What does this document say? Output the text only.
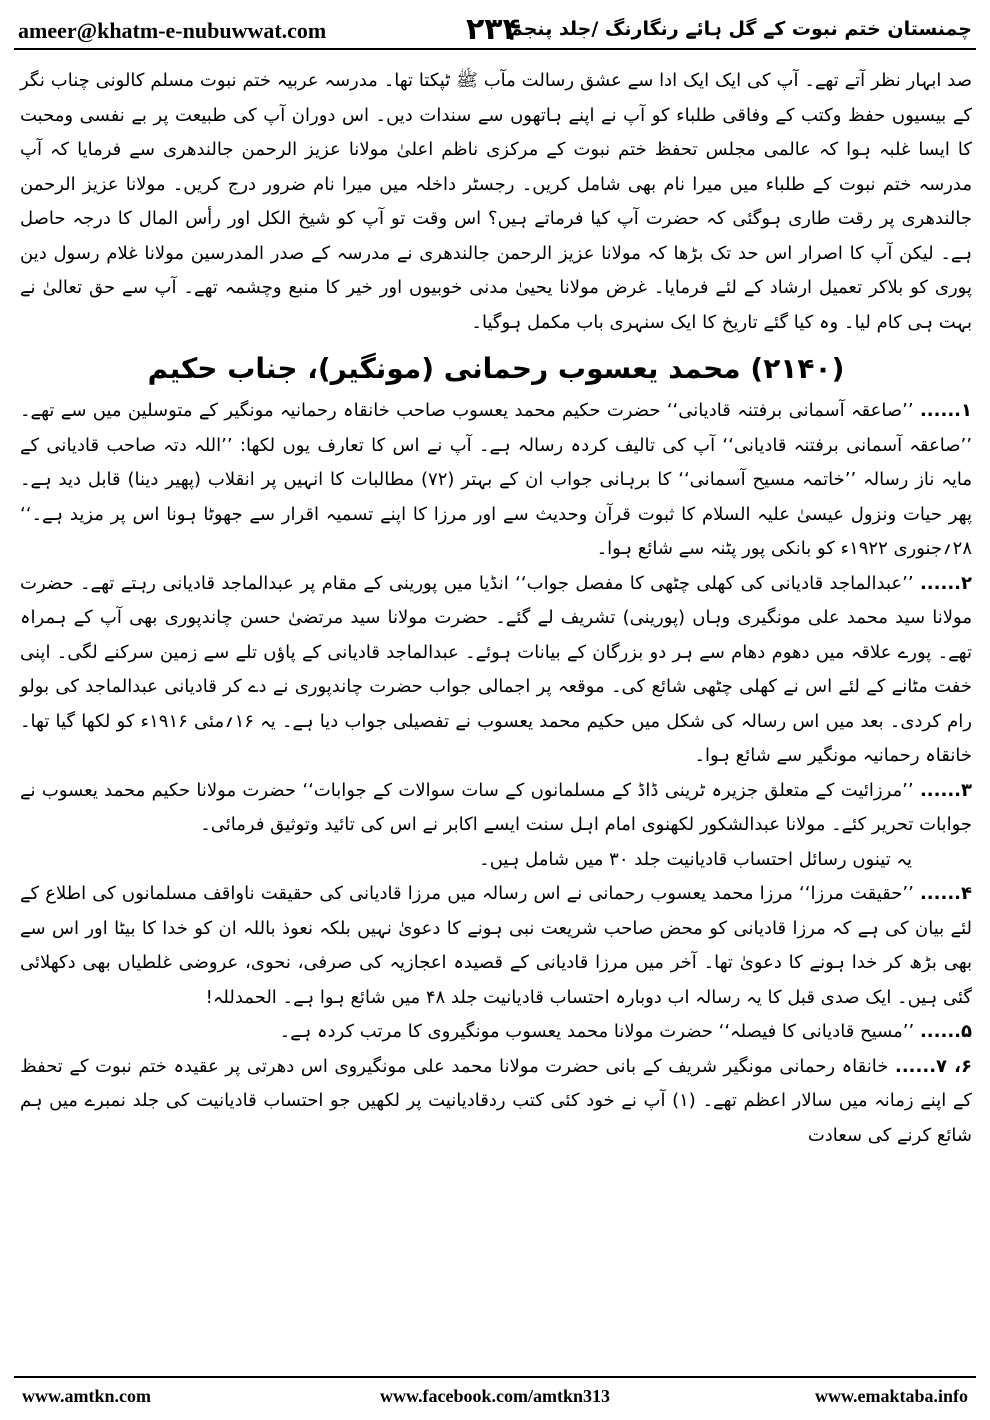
ameer@khatm-e-nubuwwat.com	۲۳۴
چمنستان ختم نبوت کے گل ہائے رنگارنگ /جلد پنجم

صد ابہار نظر آتے تھے۔ آپ کی ایک ایک ادا سے عشق رسالت مآب ﷺ ٹپکتا تھا۔ مدرسہ عربیہ ختم نبوت مسلم کالونی چناب نگر کے بیسیوں حفظ وکتب کے وفاقی طلباء کو آپ نے اپنے ہاتھوں سے سندات دیں۔ اس دوران آپ کی طبیعت پر بے نفسی ومحبت کا ایسا غلبہ ہوا کہ عالمی مجلس تحفظ ختم نبوت کے مرکزی ناظم اعلیٰ مولانا عزیز الرحمن جالندھری سے فرمایا کہ آپ مدرسہ ختم نبوت کے طلباء میں میرا نام بھی شامل کریں۔ رجسٹر داخلہ میں میرا نام ضرور درج کریں۔ مولانا عزیز الرحمن جالندھری پر رقت طاری ہوگئی کہ حضرت آپ کیا فرماتے ہیں؟ اس وقت تو آپ کو شیخ الکل اور رأس المال کا درجہ حاصل ہے۔ لیکن آپ کا اصرار اس حد تک بڑھا کہ مولانا عزیز الرحمن جالندھری نے مدرسہ کے صدر المدرسین مولانا غلام رسول دین پوری کو بلاکر تعمیل ارشاد کے لئے فرمایا۔ غرض مولانا یحییٰ مدنی خوبیوں اور خیر کا منبع وچشمہ تھے۔ آپ سے حق تعالیٰ نے بہت ہی کام لیا۔ وہ کیا گئے تاریخ کا ایک سنہری باب مکمل ہوگیا۔

(۲۱۴۰) محمد یعسوب رحمانی (مونگیر)، جناب حکیم

۱...... ’’صاعقہ آسمانی برفتنہ قادیانی‘‘ حضرت حکیم محمد یعسوب صاحب خانقاہ رحمانیہ مونگیر کے متوسلین میں سے تھے۔ ’’صاعقہ آسمانی برفتنہ قادیانی‘‘ آپ کی تالیف کردہ رسالہ ہے۔ آپ نے اس کا تعارف یوں لکھا: ’’اللہ دتہ صاحب قادیانی کے مایہ ناز رسالہ ’’خاتمہ مسیح آسمانی‘‘ کا برہانی جواب ان کے بہتر (۷۲) مطالبات کا انہیں پر انقلاب (پھیر دینا) قابل دید ہے۔ پھر حیات ونزول عیسیٰ علیہ السلام کا ثبوت قرآن وحدیث سے اور مرزا کا اپنے تسمیہ اقرار سے جھوٹا ہونا اس پر مزید ہے۔‘‘ ۲۸؍جنوری ۱۹۲۲ء کو بانکی پور پٹنہ سے شائع ہوا۔

۲...... ’’عبدالماجد قادیانی کی کھلی چٹھی کا مفصل جواب‘‘ انڈیا میں پورینی کے مقام پر عبدالماجد قادیانی رہتے تھے۔ حضرت مولانا سید محمد علی مونگیری وہاں (پورینی) تشریف لے گئے۔ حضرت مولانا سید مرتضیٰ حسن چاندپوری بھی آپ کے ہمراہ تھے۔ پورے علاقہ میں دھوم دھام سے ہر دو بزرگان کے بیانات ہوئے۔ عبدالماجد قادیانی کے پاؤں تلے سے زمین سرکنے لگی۔ اپنی خفت مٹانے کے لئے اس نے کھلی چٹھی شائع کی۔ موقعہ پر اجمالی جواب حضرت چاندپوری نے دے کر قادیانی عبدالماجد کی بولو رام کردی۔ بعد میں اس رسالہ کی شکل میں حکیم محمد یعسوب نے تفصیلی جواب دیا ہے۔ یہ ۱۶؍مئی ۱۹۱۶ء کو لکھا گیا تھا۔ خانقاہ رحمانیہ مونگیر سے شائع ہوا۔

۳...... ’’مرزائیت کے متعلق جزیرہ ٹرینی ڈاڈ کے مسلمانوں کے سات سوالات کے جوابات‘‘ حضرت مولانا حکیم محمد یعسوب نے جوابات تحریر کئے۔ مولانا عبدالشکور لکھنوی امام اہل سنت ایسے اکابر نے اس کی تائید وتوثیق فرمائی۔

یہ تینوں رسائل احتساب قادیانیت جلد ۳۰ میں شامل ہیں۔

۴...... ’’حقیقت مرزا‘‘ مرزا محمد یعسوب رحمانی نے اس رسالہ میں مرزا قادیانی کی حقیقت ناواقف مسلمانوں کی اطلاع کے لئے بیان کی ہے کہ مرزا قادیانی کو محض صاحب شریعت نبی ہونے کا دعویٰ نہیں بلکہ نعوذ باللہ ان کو خدا کا بیٹا اور اس سے بھی بڑھ کر خدا ہونے کا دعویٰ تھا۔ آخر میں مرزا قادیانی کے قصیدہ اعجازیہ کی صرفی، نحوی، عروضی غلطیاں بھی دکھلائی گئی ہیں۔ ایک صدی قبل کا یہ رسالہ اب دوبارہ احتساب قادیانیت جلد ۴۸ میں شائع ہوا ہے۔ الحمدللہ!

۵...... ’’مسیح قادیانی کا فیصلہ‘‘ حضرت مولانا محمد یعسوب مونگیروی کا مرتب کردہ ہے۔

۶، ۷...... خانقاہ رحمانی مونگیر شریف کے بانی حضرت مولانا محمد علی مونگیروی اس دھرتی پر عقیدہ ختم نبوت کے تحفظ کے اپنے زمانہ میں سالار اعظم تھے۔ (۱) آپ نے خود کئی کتب ردقادیانیت پر لکھیں جو احتساب قادیانیت کی جلد نمبرے میں ہم شائع کرنے کی سعادت

www.amtkn.com	www.facebook.com/amtkn313	www.emaktaba.info
